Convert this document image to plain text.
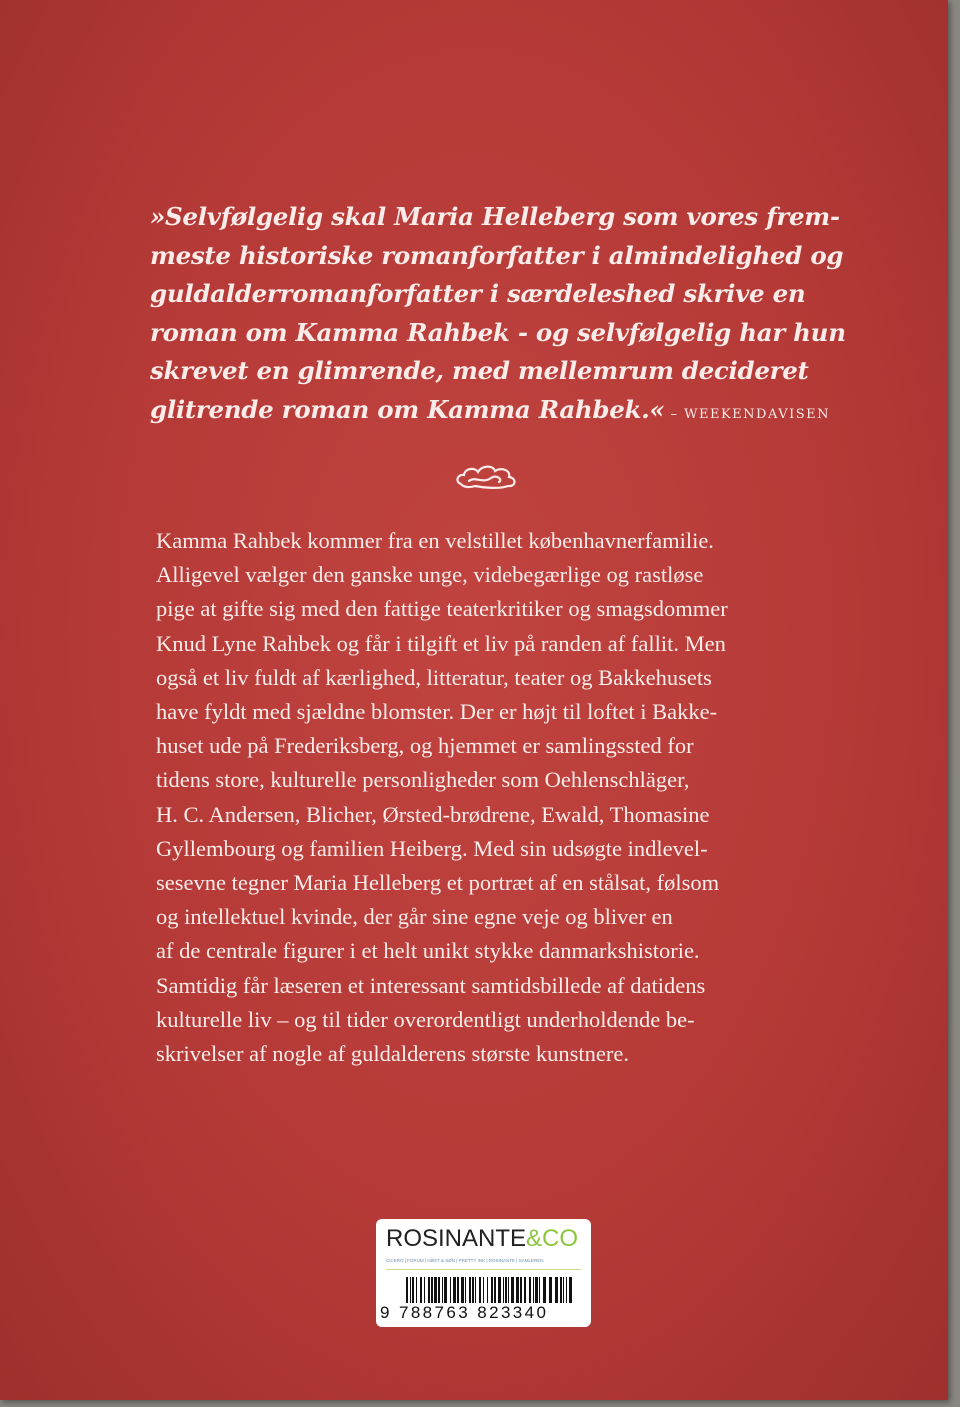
»Selvfølgelig skal Maria Helleberg som vores frem-
meste historiske romanforfatter i almindelighed og
guldalderromanforfatter i særdeleshed skrive en
roman om Kamma Rahbek - og selvfølgelig har hun
skrevet en glimrende, med mellemrum decideret
glitrende roman om Kamma Rahbek.« – WEEKENDAVISEN
Kamma Rahbek kommer fra en velstillet københavnerfamilie.
Alligevel vælger den ganske unge, videbegærlige og rastløse
pige at gifte sig med den fattige teaterkritiker og smagsdommer
Knud Lyne Rahbek og får i tilgift et liv på randen af fallit. Men
også et liv fuldt af kærlighed, litteratur, teater og Bakkehusets
have fyldt med sjældne blomster. Der er højt til loftet i Bakke-
huset ude på Frederiksberg, og hjemmet er samlingssted for
tidens store, kulturelle personligheder som Oehlenschläger,
H. C. Andersen, Blicher, Ørsted-brødrene, Ewald, Thomasine
Gyllembourg og familien Heiberg. Med sin udsøgte indlevel-
sesevne tegner Maria Helleberg et portræt af en stålsat, følsom
og intellektuel kvinde, der går sine egne veje og bliver en
af de centrale figurer i et helt unikt stykke danmarkshistorie.
Samtidig får læseren et interessant samtidsbillede af datidens
kulturelle liv – og til tider overordentligt underholdende be-
skrivelser af nogle af guldalderens største kunstnere.
ROSINANTE&CO
CICERO | FORUM | HØST & SØN | PRETTY INK | ROSINANTE | SAMLEREN
9 788763 823340
